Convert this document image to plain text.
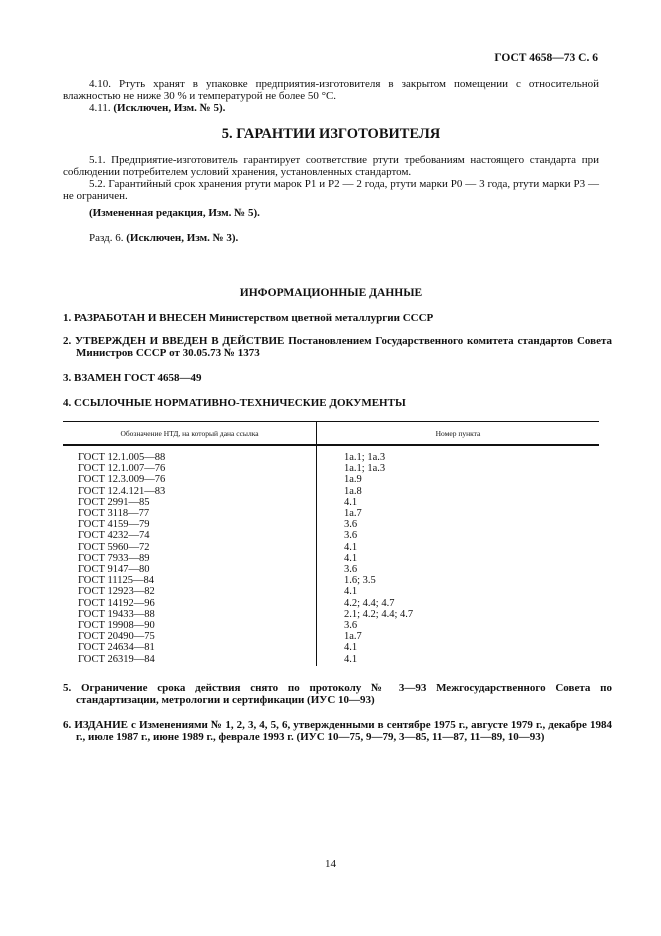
ГОСТ 4658—73 С. 6

4.10. Ртуть хранят в упаковке предприятия-изготовителя в закрытом помещении с относительной влажностью не ниже 30 % и температурой не более 50 °С.

4.11. (Исключен, Изм. № 5).

5. ГАРАНТИИ ИЗГОТОВИТЕЛЯ

5.1. Предприятие-изготовитель гарантирует соответствие ртути требованиям настоящего стандарта при соблюдении потребителем условий хранения, установленных стандартом.

5.2. Гарантийный срок хранения ртути марок Р1 и Р2 — 2 года, ртути марки Р0 — 3 года, ртути марки Р3 — не ограничен.

(Измененная редакция, Изм. № 5).

Разд. 6. (Исключен, Изм. № 3).

ИНФОРМАЦИОННЫЕ ДАННЫЕ

1. РАЗРАБОТАН И ВНЕСЕН Министерством цветной металлургии СССР

2. УТВЕРЖДЕН И ВВЕДЕН В ДЕЙСТВИЕ Постановлением Государственного комитета стандартов Совета Министров СССР от 30.05.73 № 1373

3. ВЗАМЕН ГОСТ 4658—49

4. ССЫЛОЧНЫЕ НОРМАТИВНО-ТЕХНИЧЕСКИЕ ДОКУМЕНТЫ

Обозначение НТД, на который дана ссылка	Номер пункта
ГОСТ 12.1.005—88	1а.1; 1а.3
ГОСТ 12.1.007—76	1а.1; 1а.3
ГОСТ 12.3.009—76	1а.9
ГОСТ 12.4.121—83	1а.8
ГОСТ 2991—85	4.1
ГОСТ 3118—77	1а.7
ГОСТ 4159—79	3.6
ГОСТ 4232—74	3.6
ГОСТ 5960—72	4.1
ГОСТ 7933—89	4.1
ГОСТ 9147—80	3.6
ГОСТ 11125—84	1.6; 3.5
ГОСТ 12923—82	4.1
ГОСТ 14192—96	4.2; 4.4; 4.7
ГОСТ 19433—88	2.1; 4.2; 4.4; 4.7
ГОСТ 19908—90	3.6
ГОСТ 20490—75	1а.7
ГОСТ 24634—81	4.1
ГОСТ 26319—84	4.1

5. Ограничение срока действия снято по протоколу № 3—93 Межгосударственного Совета по стандартизации, метрологии и сертификации (ИУС 10—93)

6. ИЗДАНИЕ с Изменениями № 1, 2, 3, 4, 5, 6, утвержденными в сентябре 1975 г., августе 1979 г., декабре 1984 г., июле 1987 г., июне 1989 г., феврале 1993 г. (ИУС 10—75, 9—79, 3—85, 11—87, 11—89, 10—93)

14
